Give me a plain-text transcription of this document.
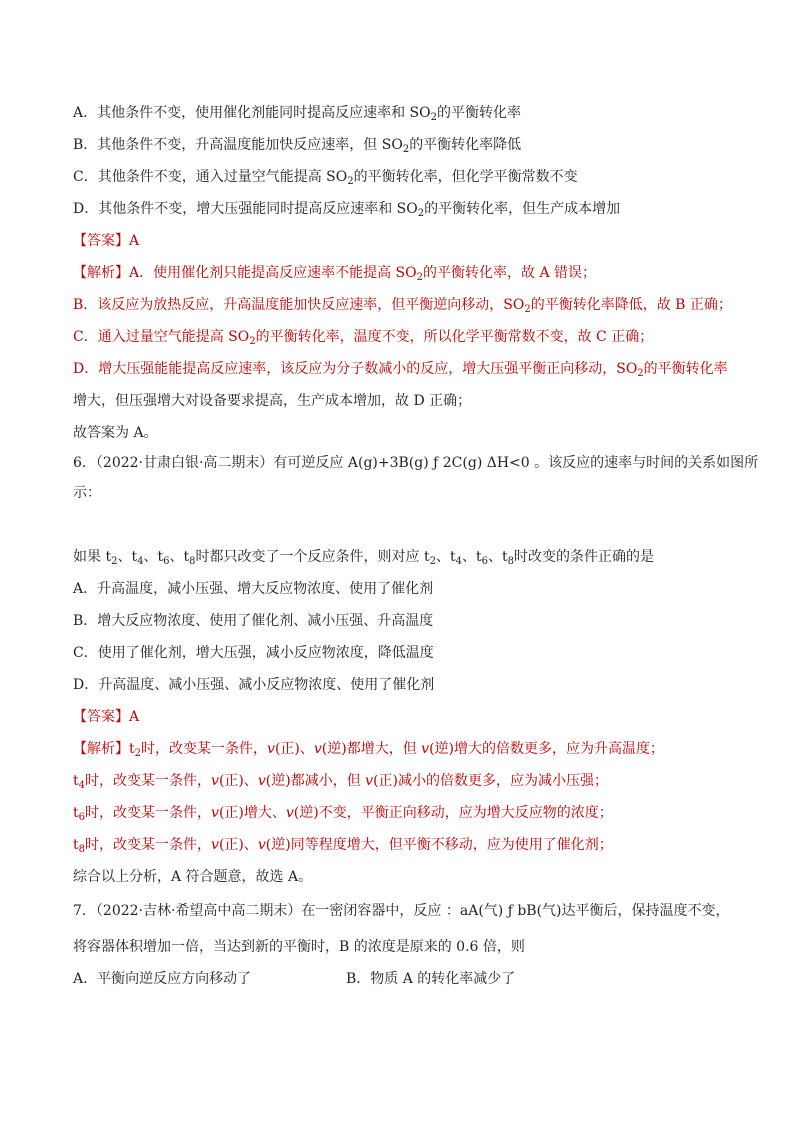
A．其他条件不变，使用催化剂能同时提高反应速率和 $SO_2$的平衡转化率
B．其他条件不变，升高温度能加快反应速率，但 $SO_2$的平衡转化率降低
C．其他条件不变，通入过量空气能提高 $SO_2$的平衡转化率，但化学平衡常数不变
D．其他条件不变，增大压强能同时提高反应速率和 $SO_2$的平衡转化率，但生产成本增加
【答案】A
【解析】A．使用催化剂只能提高反应速率不能提高 $SO_2$的平衡转化率，故 A 错误；
B．该反应为放热反应，升高温度能加快反应速率，但平衡逆向移动，$SO_2$的平衡转化率降低，故 B 正确；
C．通入过量空气能提高 $SO_2$的平衡转化率，温度不变，所以化学平衡常数不变，故 C 正确；
D．增大压强能能提高反应速率，该反应为分子数减小的反应，增大压强平衡正向移动，$SO_2$的平衡转化率
增大，但压强增大对设备要求提高，生产成本增加，故 D 正确；
故答案为 A。
6．（2022·甘肃白银·高二期末）有可逆反应 A(g)+3B(g) ƒ 2C(g) ΔH<0 。该反应的速率与时间的关系如图所
示：
如果 $t_2$、$t_4$、$t_6$、$t_8$时都只改变了一个反应条件，则对应 $t_2$、$t_4$、$t_6$、$t_8$时改变的条件正确的是
A．升高温度，减小压强、增大反应物浓度、使用了催化剂
B．增大反应物浓度、使用了催化剂、减小压强、升高温度
C．使用了催化剂，增大压强，减小反应物浓度，降低温度
D．升高温度、减小压强、减小反应物浓度、使用了催化剂
【答案】A
【解析】$t_2$时，改变某一条件，v(正)、v(逆)都增大，但 v(逆)增大的倍数更多，应为升高温度；
$t_4$时，改变某一条件，v(正)、v(逆)都减小，但 v(正)减小的倍数更多，应为减小压强；
$t_6$时，改变某一条件，v(正)增大、v(逆)不变，平衡正向移动，应为增大反应物的浓度；
$t_8$时，改变某一条件，v(正)、v(逆)同等程度增大，但平衡不移动，应为使用了催化剂；
综合以上分析，A 符合题意，故选 A。
7．（2022·吉林·希望高中高二期末）在一密闭容器中，反应 ：aA(气) ƒ bB(气)达平衡后，保持温度不变，
将容器体积增加一倍，当达到新的平衡时，B 的浓度是原来的 0.6 倍，则
A．平衡向逆反应方向移动了	B．物质 A 的转化率减少了
